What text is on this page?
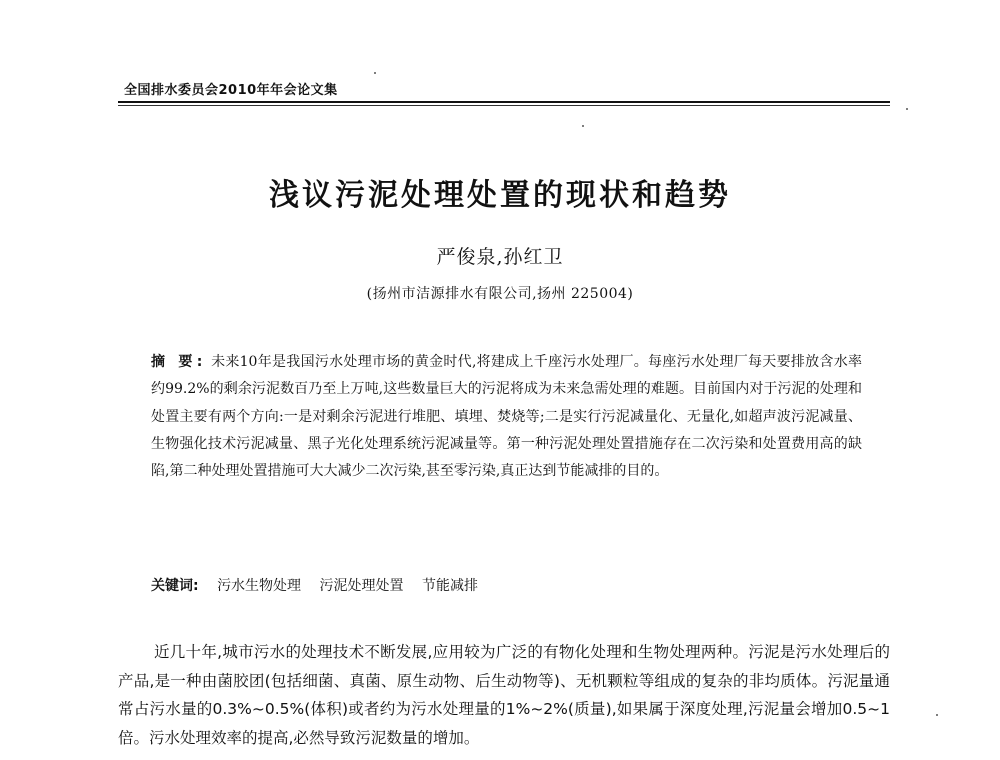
全国排水委员会2010年年会论文集
浅议污泥处理处置的现状和趋势
严俊泉,孙红卫
(扬州市洁源排水有限公司,扬州 225004)
摘 要: 未来10年是我国污水处理市场的黄金时代,将建成上千座污水处理厂。每座污水处理厂每天要排放含水率约99.2%的剩余污泥数百乃至上万吨,这些数量巨大的污泥将成为未来急需处理的难题。目前国内对于污泥的处理和处置主要有两个方向:一是对剩余污泥进行堆肥、填埋、焚烧等;二是实行污泥减量化、无量化,如超声波污泥减量、生物强化技术污泥减量、黑子光化处理系统污泥减量等。第一种污泥处理处置措施存在二次污染和处置费用高的缺陷,第二种处理处置措施可大大减少二次污染,甚至零污染,真正达到节能减排的目的。
关键词: 污水生物处理 污泥处理处置 节能减排
近几十年,城市污水的处理技术不断发展,应用较为广泛的有物化处理和生物处理两种。污泥是污水处理后的产品,是一种由菌胶团(包括细菌、真菌、原生动物、后生动物等)、无机颗粒等组成的复杂的非均质体。污泥量通常占污水量的0.3%~0.5%(体积)或者约为污水处理量的1%~2%(质量),如果属于深度处理,污泥量会增加0.5~1倍。污水处理效率的提高,必然导致污泥数量的增加。
